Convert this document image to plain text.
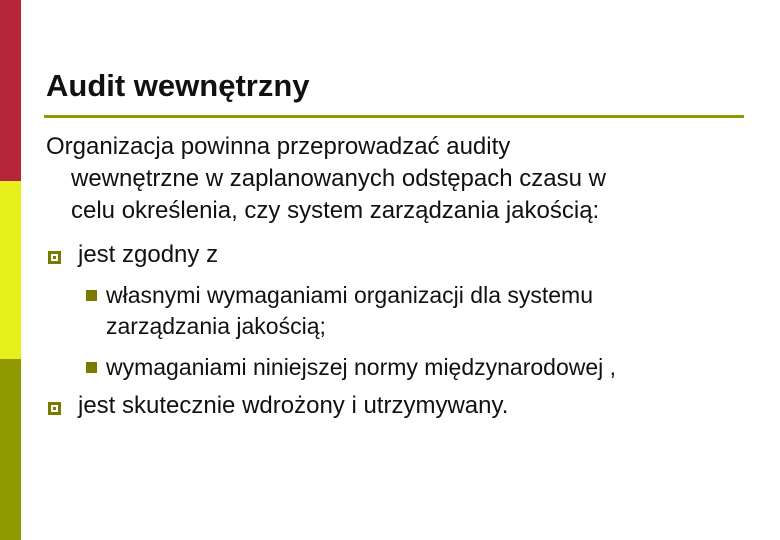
Audit wewnętrzny
Organizacja powinna przeprowadzać audity
wewnętrzne w zaplanowanych odstępach czasu w
celu określenia, czy system zarządzania jakością:
jest zgodny z
własnymi wymaganiami organizacji dla systemu
zarządzania jakością;
wymaganiami niniejszej normy międzynarodowej ,
jest skutecznie wdrożony i utrzymywany.
